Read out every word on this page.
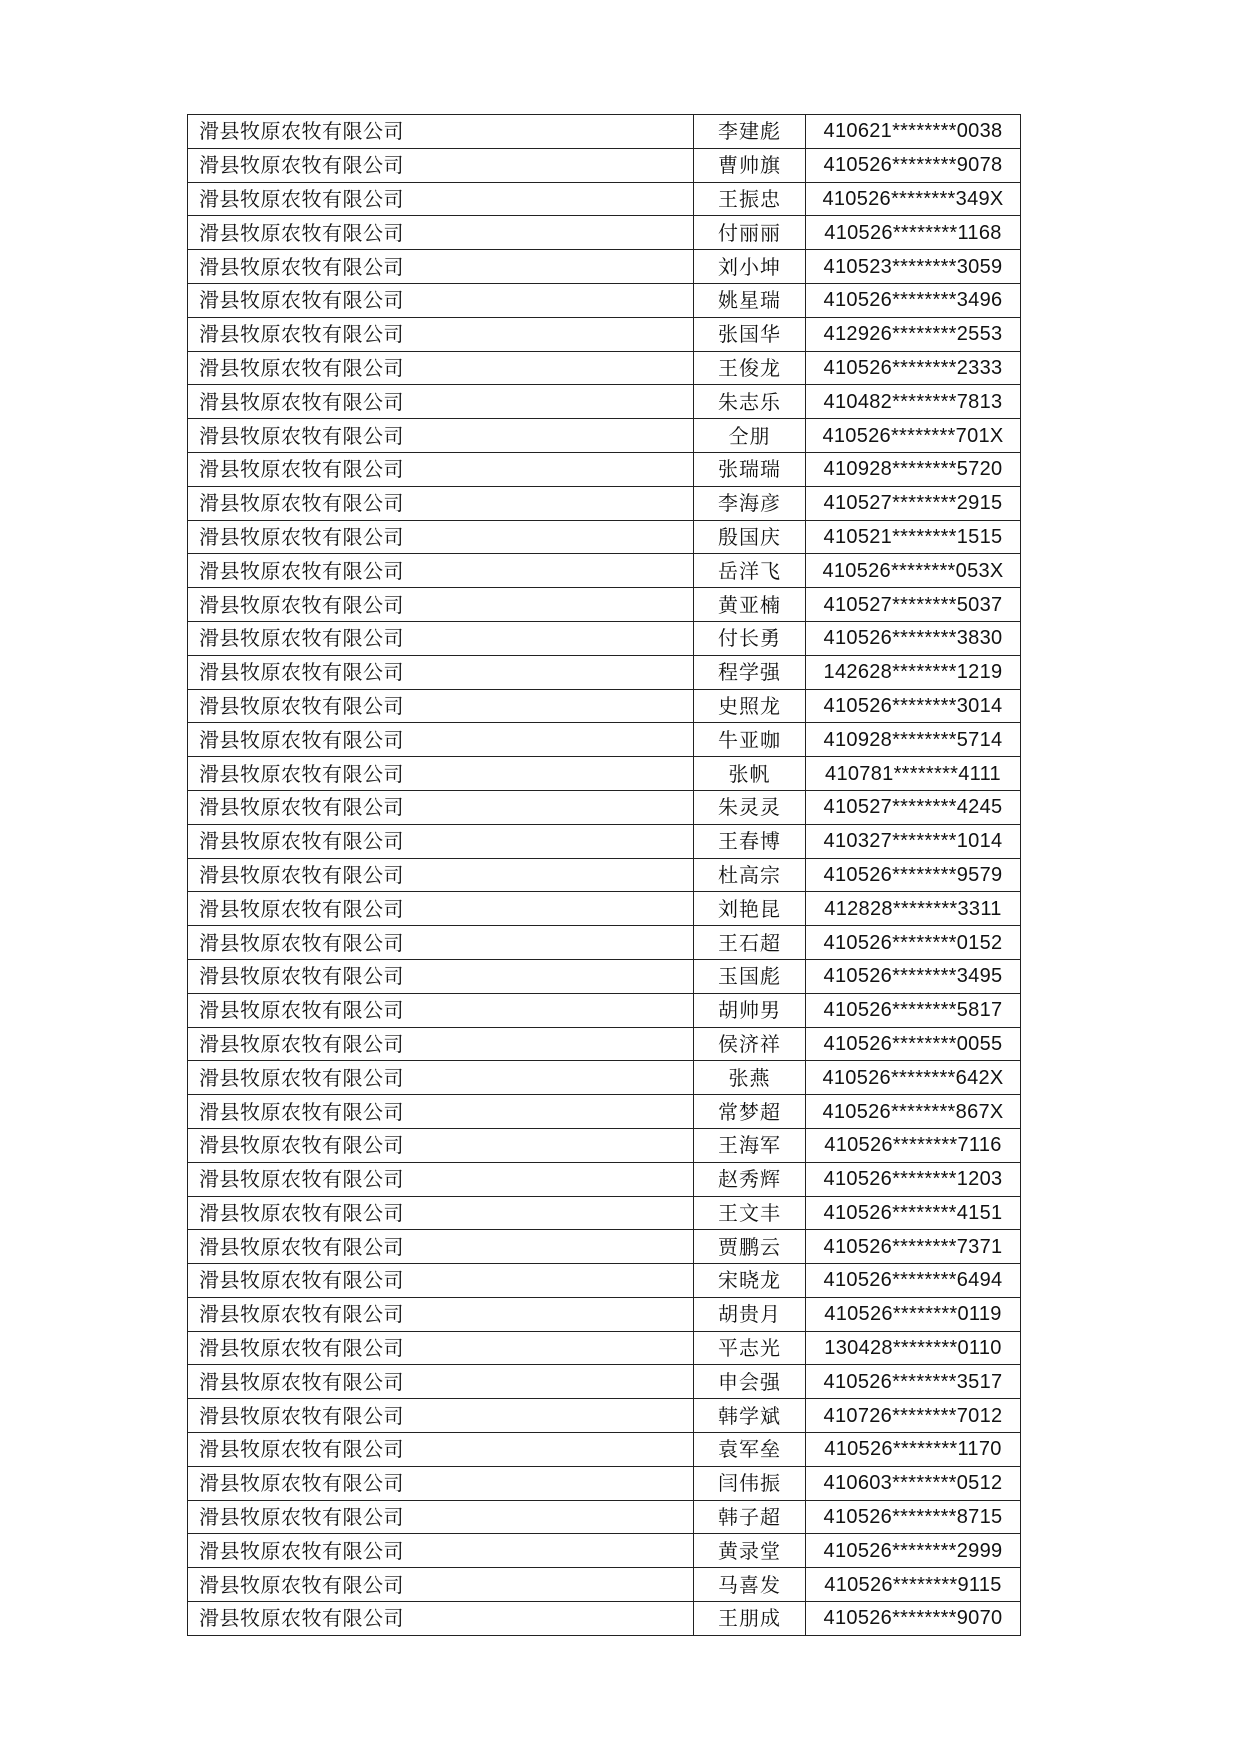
滑县牧原农牧有限公司	李建彪	410621********0038
滑县牧原农牧有限公司	曹帅旗	410526********9078
滑县牧原农牧有限公司	王振忠	410526********349X
滑县牧原农牧有限公司	付丽丽	410526********1168
滑县牧原农牧有限公司	刘小坤	410523********3059
滑县牧原农牧有限公司	姚星瑞	410526********3496
滑县牧原农牧有限公司	张国华	412926********2553
滑县牧原农牧有限公司	王俊龙	410526********2333
滑县牧原农牧有限公司	朱志乐	410482********7813
滑县牧原农牧有限公司	仝朋	410526********701X
滑县牧原农牧有限公司	张瑞瑞	410928********5720
滑县牧原农牧有限公司	李海彦	410527********2915
滑县牧原农牧有限公司	殷国庆	410521********1515
滑县牧原农牧有限公司	岳洋飞	410526********053X
滑县牧原农牧有限公司	黄亚楠	410527********5037
滑县牧原农牧有限公司	付长勇	410526********3830
滑县牧原农牧有限公司	程学强	142628********1219
滑县牧原农牧有限公司	史照龙	410526********3014
滑县牧原农牧有限公司	牛亚咖	410928********5714
滑县牧原农牧有限公司	张帆	410781********4111
滑县牧原农牧有限公司	朱灵灵	410527********4245
滑县牧原农牧有限公司	王春博	410327********1014
滑县牧原农牧有限公司	杜高宗	410526********9579
滑县牧原农牧有限公司	刘艳昆	412828********3311
滑县牧原农牧有限公司	王石超	410526********0152
滑县牧原农牧有限公司	玉国彪	410526********3495
滑县牧原农牧有限公司	胡帅男	410526********5817
滑县牧原农牧有限公司	侯济祥	410526********0055
滑县牧原农牧有限公司	张燕	410526********642X
滑县牧原农牧有限公司	常梦超	410526********867X
滑县牧原农牧有限公司	王海军	410526********7116
滑县牧原农牧有限公司	赵秀辉	410526********1203
滑县牧原农牧有限公司	王文丰	410526********4151
滑县牧原农牧有限公司	贾鹏云	410526********7371
滑县牧原农牧有限公司	宋晓龙	410526********6494
滑县牧原农牧有限公司	胡贵月	410526********0119
滑县牧原农牧有限公司	平志光	130428********0110
滑县牧原农牧有限公司	申会强	410526********3517
滑县牧原农牧有限公司	韩学斌	410726********7012
滑县牧原农牧有限公司	袁军垒	410526********1170
滑县牧原农牧有限公司	闫伟振	410603********0512
滑县牧原农牧有限公司	韩子超	410526********8715
滑县牧原农牧有限公司	黄录堂	410526********2999
滑县牧原农牧有限公司	马喜发	410526********9115
滑县牧原农牧有限公司	王朋成	410526********9070
